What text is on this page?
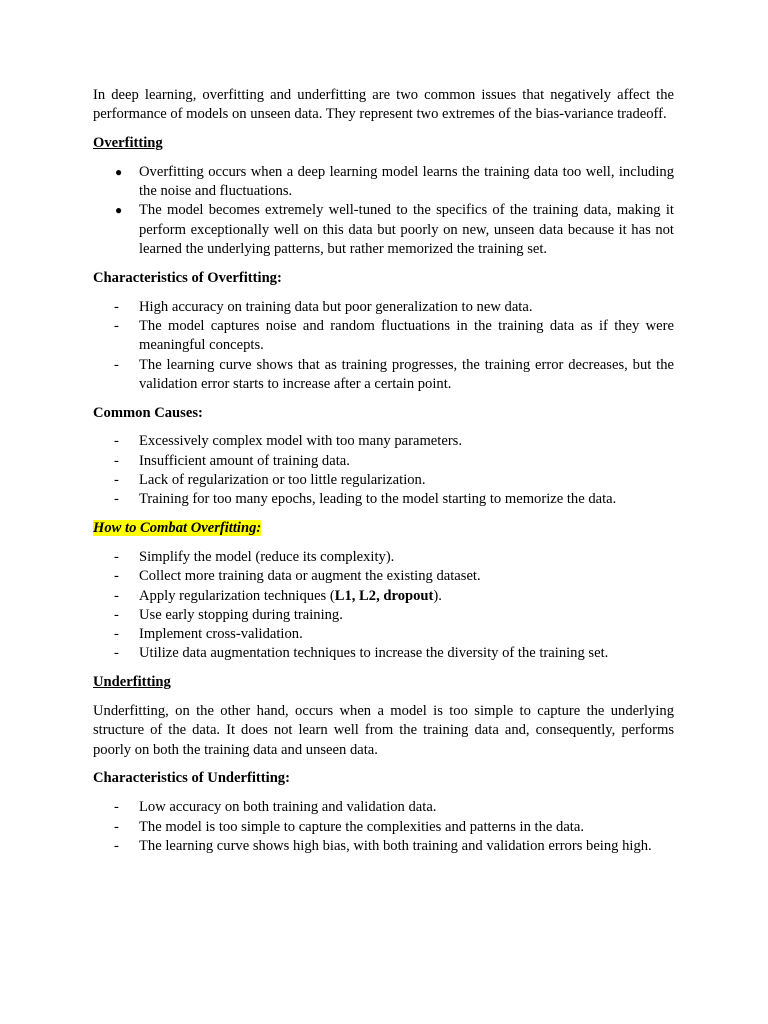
In deep learning, overfitting and underfitting are two common issues that negatively affect the performance of models on unseen data. They represent two extremes of the bias-variance tradeoff.

Overfitting
● Overfitting occurs when a deep learning model learns the training data too well, including the noise and fluctuations.
● The model becomes extremely well-tuned to the specifics of the training data, making it perform exceptionally well on this data but poorly on new, unseen data because it has not learned the underlying patterns, but rather memorized the training set.
Characteristics of Overfitting:
- High accuracy on training data but poor generalization to new data.
- The model captures noise and random fluctuations in the training data as if they were meaningful concepts.
- The learning curve shows that as training progresses, the training error decreases, but the validation error starts to increase after a certain point.
Common Causes:
- Excessively complex model with too many parameters.
- Insufficient amount of training data.
- Lack of regularization or too little regularization.
- Training for too many epochs, leading to the model starting to memorize the data.
How to Combat Overfitting:
- Simplify the model (reduce its complexity).
- Collect more training data or augment the existing dataset.
- Apply regularization techniques (L1, L2, dropout).
- Use early stopping during training.
- Implement cross-validation.
- Utilize data augmentation techniques to increase the diversity of the training set.
Underfitting

Underfitting, on the other hand, occurs when a model is too simple to capture the underlying structure of the data. It does not learn well from the training data and, consequently, performs poorly on both the training data and unseen data.

Characteristics of Underfitting:
- Low accuracy on both training and validation data.
- The model is too simple to capture the complexities and patterns in the data.
- The learning curve shows high bias, with both training and validation errors being high.
